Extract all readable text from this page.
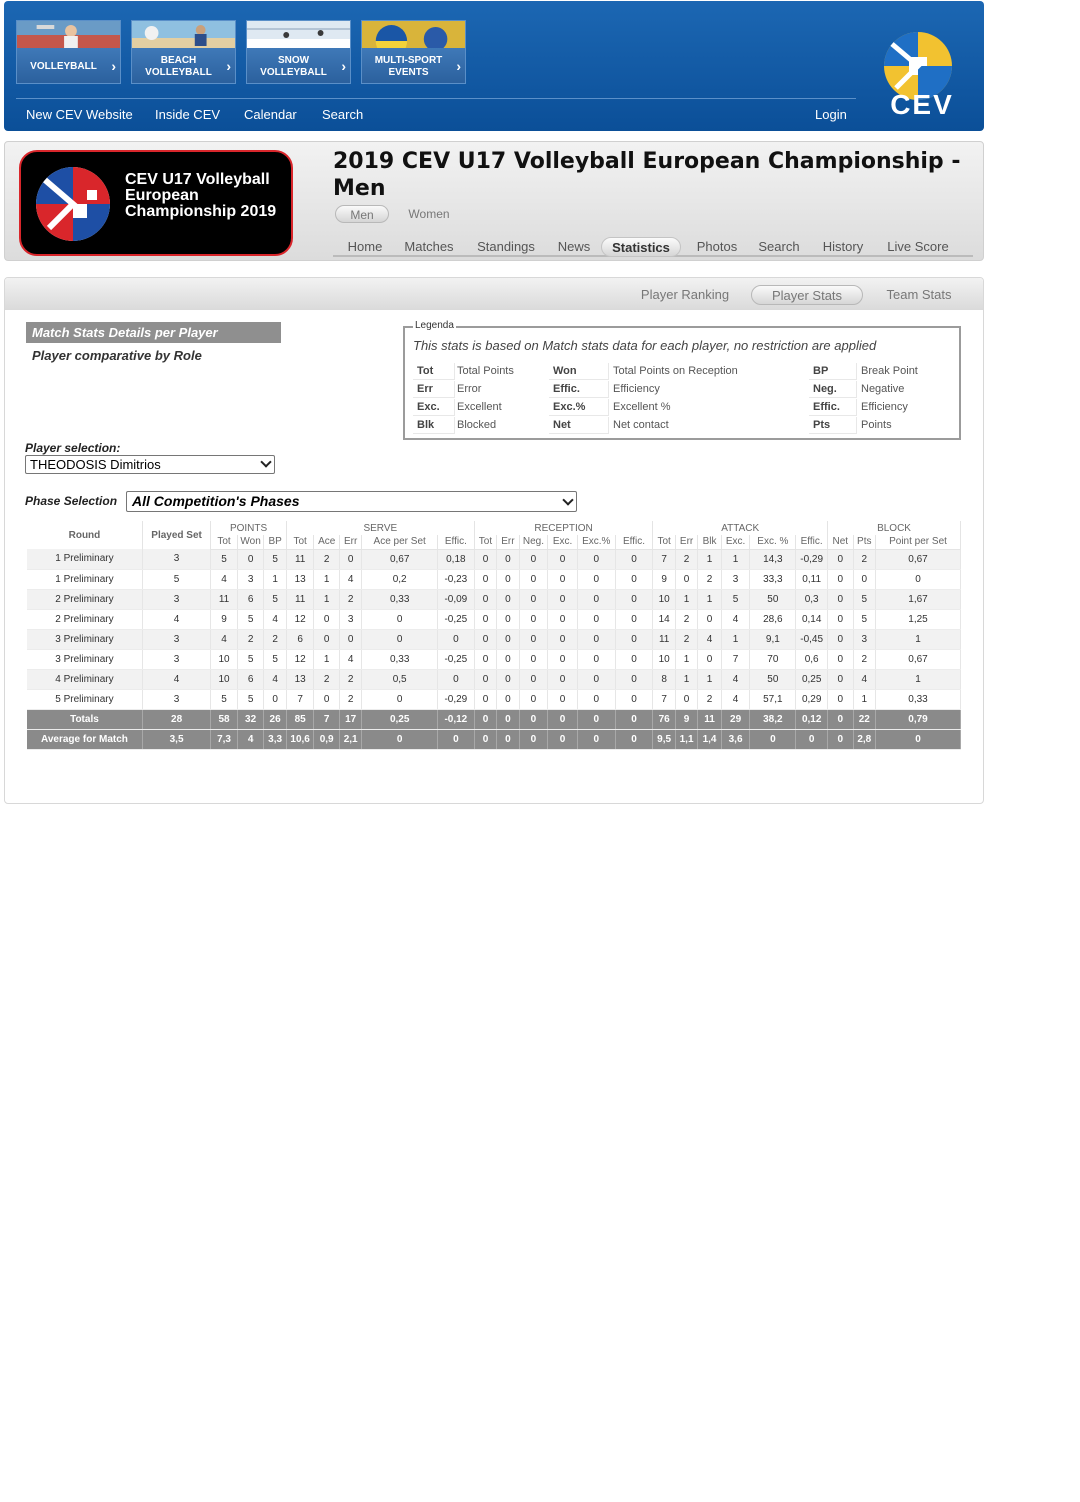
VOLLEYBALL	›	BEACH VOLLEYBALL	›	SNOW VOLLEYBALL	›	MULTI-SPORT EVENTS	›
New CEV Website Inside CEV Calendar Search	Login CEV
CEV U17 Volleyball European Championship 2019
2019 CEV U17 Volleyball European Championship - Men
Men	Women
Home	Matches	Standings	News	Statistics	Photos	Search	History	Live Score
Player Ranking	Player Stats	Team Stats
Match Stats Details per Player
Player comparative by Role
Legenda
This stats is based on Match stats data for each player, no restriction are applied
Tot	Total Points	Won	Total Points on Reception	BP	Break Point
Err	Error	Effic.	Efficiency	Neg.	Negative
Exc.	Excellent	Exc.%	Excellent %	Effic.	Efficiency
Blk	Blocked	Net	Net contact	Pts	Points
Player selection:
THEODOSIS Dimitrios
Phase Selection	All Competition's Phases
Round	Played Set	POINTS			SERVE					RECEPTION						ATTACK						BLOCK		
		Tot	Won	BP	Tot	Ace	Err	Ace per Set	Effic.	Tot	Err	Neg.	Exc.	Exc.%	Effic.	Tot	Err	Blk	Exc.	Exc. %	Effic.	Net	Pts	Point per Set
1 Preliminary	3	5	0	5	11	2	0	0,67	0,18	0	0	0	0	0	0	7	2	1	1	14,3	-0,29	0	2	0,67
1 Preliminary	5	4	3	1	13	1	4	0,2	-0,23	0	0	0	0	0	0	9	0	2	3	33,3	0,11	0	0	0
2 Preliminary	3	11	6	5	11	1	2	0,33	-0,09	0	0	0	0	0	0	10	1	1	5	50	0,3	0	5	1,67
2 Preliminary	4	9	5	4	12	0	3	0	-0,25	0	0	0	0	0	0	14	2	0	4	28,6	0,14	0	5	1,25
3 Preliminary	3	4	2	2	6	0	0	0	0	0	0	0	0	0	0	11	2	4	1	9,1	-0,45	0	3	1
3 Preliminary	3	10	5	5	12	1	4	0,33	-0,25	0	0	0	0	0	0	10	1	0	7	70	0,6	0	2	0,67
4 Preliminary	4	10	6	4	13	2	2	0,5	0	0	0	0	0	0	0	8	1	1	4	50	0,25	0	4	1
5 Preliminary	3	5	5	0	7	0	2	0	-0,29	0	0	0	0	0	0	7	0	2	4	57,1	0,29	0	1	0,33
Totals	28	58	32	26	85	7	17	0,25	-0,12	0	0	0	0	0	0	76	9	11	29	38,2	0,12	0	22	0,79
Average for Match	3,5	7,3	4	3,3	10,6	0,9	2,1	0	0	0	0	0	0	0	0	9,5	1,1	1,4	3,6	0	0	0	2,8	0
